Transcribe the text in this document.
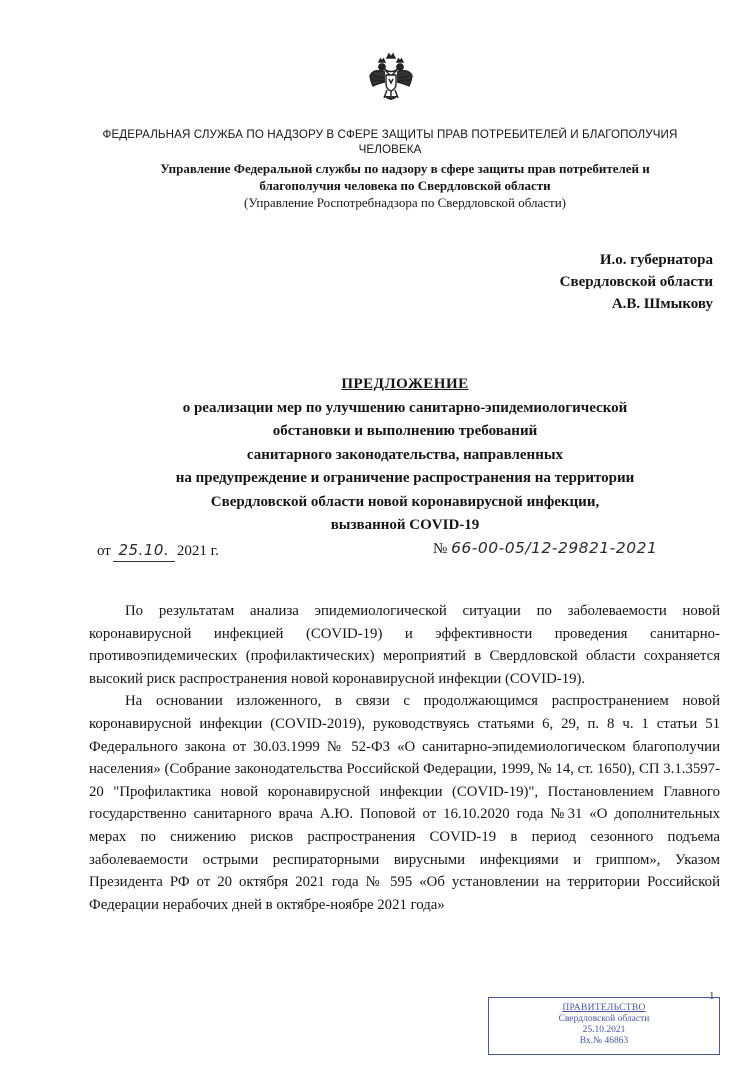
ФЕДЕРАЛЬНАЯ СЛУЖБА ПО НАДЗОРУ В СФЕРЕ ЗАЩИТЫ ПРАВ ПОТРЕБИТЕЛЕЙ И БЛАГОПОЛУЧИЯ
ЧЕЛОВЕКА
Управление Федеральной службы по надзору в сфере защиты прав потребителей и
благополучия человека по Свердловской области
(Управление Роспотребнадзора по Свердловской области)
И.о. губернатора
Свердловской области
А.В. Шмыкову
ПРЕДЛОЖЕНИЕ
о реализации мер по улучшению санитарно-эпидемиологической
обстановки и выполнению требований
санитарного законодательства, направленных
на предупреждение и ограничение распространения на территории
Свердловской области новой коронавирусной инфекции,
вызванной COVID-19
от 25.10. 2021 г.	№ 66-00-05/12-29821-2021

По результатам анализа эпидемиологической ситуации по заболеваемости новой коронавирусной инфекцией (COVID-19) и эффективности проведения санитарно-противоэпидемических (профилактических) мероприятий в Свердловской области сохраняется высокий риск распространения новой коронавирусной инфекции (COVID-19).

На основании изложенного, в связи с продолжающимся распространением новой коронавирусной инфекции (COVID-2019), руководствуясь статьями 6, 29, п. 8 ч. 1 статьи 51 Федерального закона от 30.03.1999 № 52-ФЗ «О санитарно-эпидемиологическом благополучии населения» (Собрание законодательства Российской Федерации, 1999, № 14, ст. 1650), СП 3.1.3597-20 "Профилактика новой коронавирусной инфекции (COVID-19)", Постановлением Главного государственно санитарного врача А.Ю. Поповой от 16.10.2020 года №31 «О дополнительных мерах по снижению рисков распространения COVID-19 в период сезонного подъема заболеваемости острыми респираторными вирусными инфекциями и гриппом», Указом Президента РФ от 20 октября 2021 года № 595 «Об установлении на территории Российской Федерации нерабочих дней в октябре-ноябре 2021 года»

1
ПРАВИТЕЛЬСТВО
Свердловской области
25.10.2021
Вх.№ 46863
